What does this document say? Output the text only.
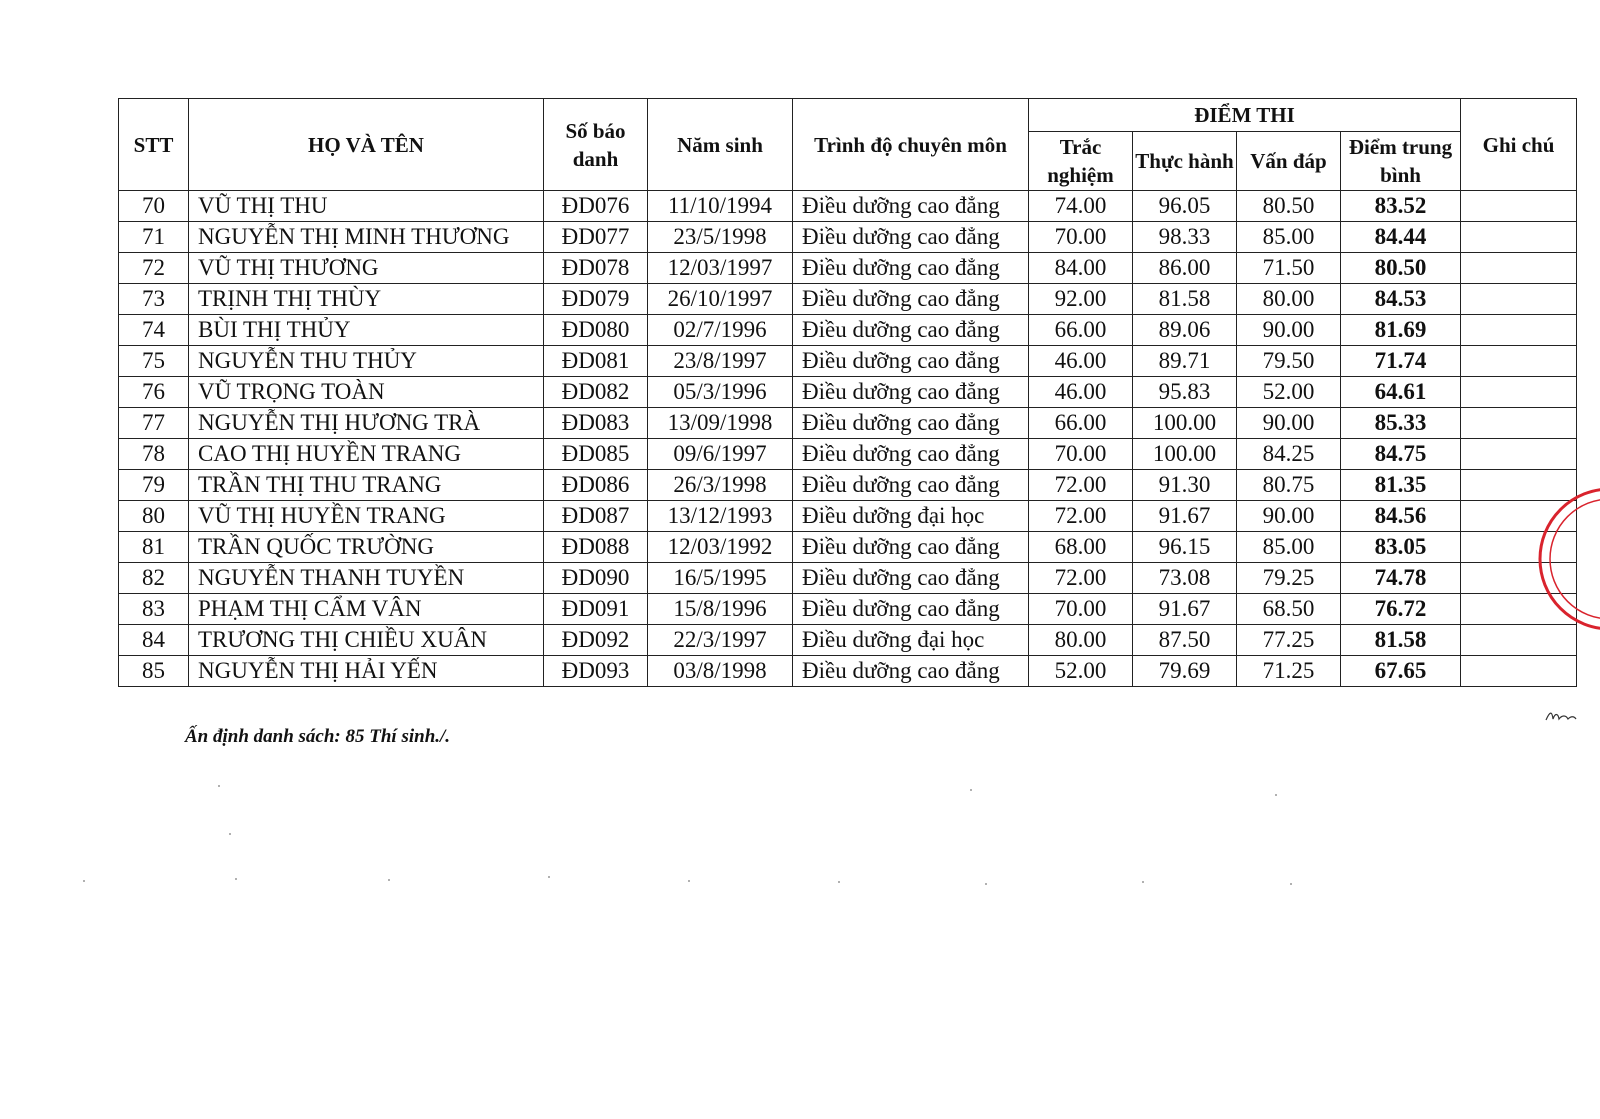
STT	HỌ VÀ TÊN	Số báo danh	Năm sinh	Trình độ chuyên môn	ĐIỂM THI				Ghi chú
					Trắc nghiệm	Thực hành	Vấn đáp	Điểm trung bình	
70	VŨ THỊ THU	ĐD076	11/10/1994	Điều dưỡng cao đẳng	74.00	96.05	80.50	83.52	
71	NGUYỄN THỊ MINH THƯƠNG	ĐD077	23/5/1998	Điều dưỡng cao đẳng	70.00	98.33	85.00	84.44	
72	VŨ THỊ THƯƠNG	ĐD078	12/03/1997	Điều dưỡng cao đẳng	84.00	86.00	71.50	80.50	
73	TRỊNH THỊ THÙY	ĐD079	26/10/1997	Điều dưỡng cao đẳng	92.00	81.58	80.00	84.53	
74	BÙI THỊ THỦY	ĐD080	02/7/1996	Điều dưỡng cao đẳng	66.00	89.06	90.00	81.69	
75	NGUYỄN THU THỦY	ĐD081	23/8/1997	Điều dưỡng cao đẳng	46.00	89.71	79.50	71.74	
76	VŨ TRỌNG TOÀN	ĐD082	05/3/1996	Điều dưỡng cao đẳng	46.00	95.83	52.00	64.61	
77	NGUYỄN THỊ HƯƠNG TRÀ	ĐD083	13/09/1998	Điều dưỡng cao đẳng	66.00	100.00	90.00	85.33	
78	CAO THỊ HUYỀN TRANG	ĐD085	09/6/1997	Điều dưỡng cao đẳng	70.00	100.00	84.25	84.75	
79	TRẦN THỊ THU TRANG	ĐD086	26/3/1998	Điều dưỡng cao đẳng	72.00	91.30	80.75	81.35	
80	VŨ THỊ HUYỀN TRANG	ĐD087	13/12/1993	Điều dưỡng đại học	72.00	91.67	90.00	84.56	
81	TRẦN QUỐC TRƯỜNG	ĐD088	12/03/1992	Điều dưỡng cao đẳng	68.00	96.15	85.00	83.05	
82	NGUYỄN THANH TUYỀN	ĐD090	16/5/1995	Điều dưỡng cao đẳng	72.00	73.08	79.25	74.78	
83	PHẠM THỊ CẨM VÂN	ĐD091	15/8/1996	Điều dưỡng cao đẳng	70.00	91.67	68.50	76.72	
84	TRƯƠNG THỊ CHIỀU XUÂN	ĐD092	22/3/1997	Điều dưỡng đại học	80.00	87.50	77.25	81.58	
85	NGUYỄN THỊ HẢI YẾN	ĐD093	03/8/1998	Điều dưỡng cao đẳng	52.00	79.69	71.25	67.65	
Ấn định danh sách: 85 Thí sinh./.
